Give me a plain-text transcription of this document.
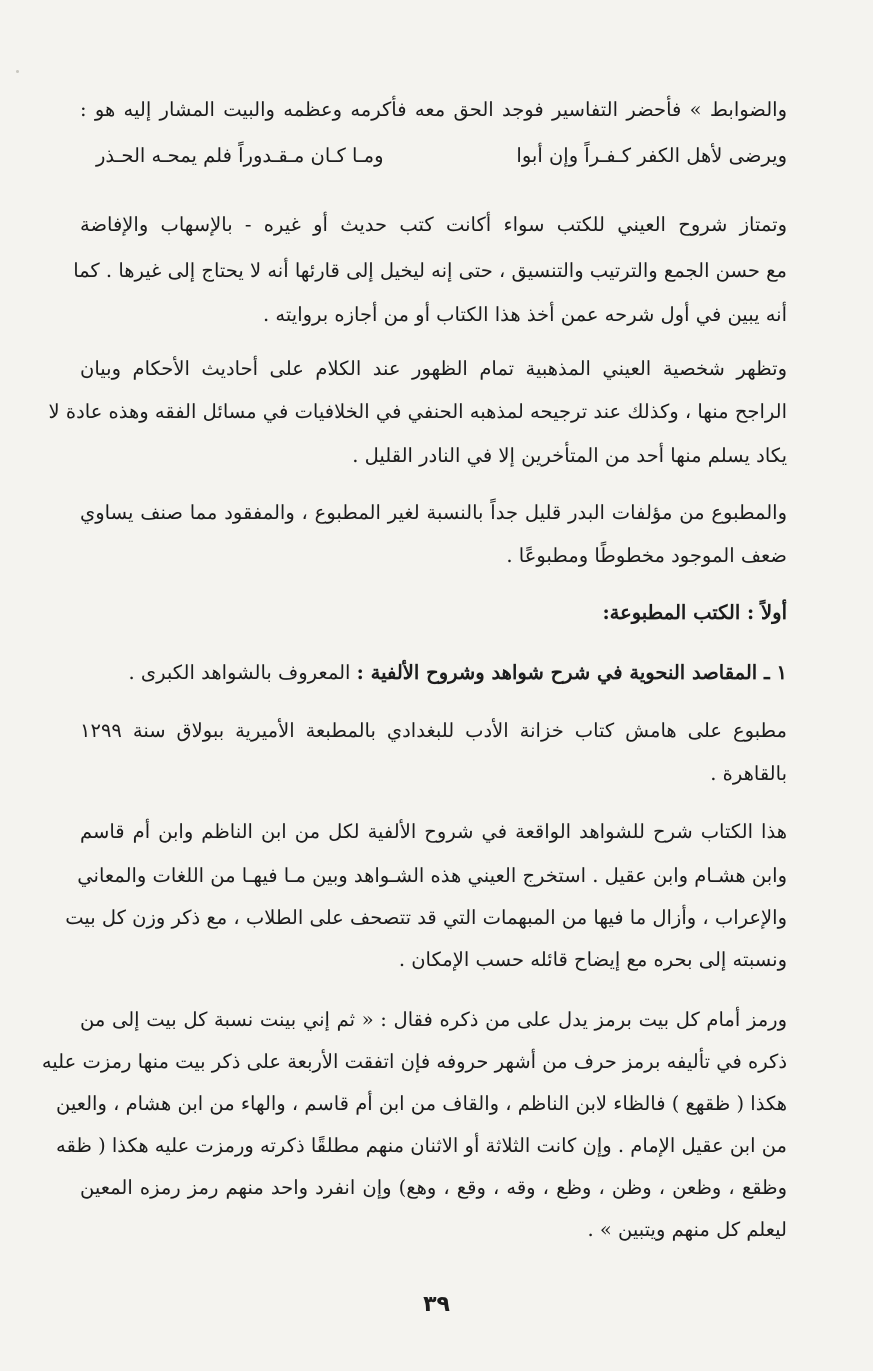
والضوابط » فأحضر التفاسير فوجد الحق معه فأكرمه وعظمه والبيت المشار إليه هو :
ويرضى لأهل الكفر كـفـراً وإن أبوا
ومـا كـان مـقـدوراً فلم يمحـه الحـذر
وتمتاز شروح العيني للكتب سواء أكانت كتب حديث أو غيره - بالإسهاب والإفاضة
مع حسن الجمع والترتيب والتنسيق ، حتى إنه ليخيل إلى قارئها أنه لا يحتاج إلى غيرها . كما
أنه يبين في أول شرحه عمن أخذ هذا الكتاب أو من أجازه بروايته .
وتظهر شخصية العيني المذهبية تمام الظهور عند الكلام على أحاديث الأحكام وبيان
الراجح منها ، وكذلك عند ترجيحه لمذهبه الحنفي في الخلافيات في مسائل الفقه وهذه عادة لا
يكاد يسلم منها أحد من المتأخرين إلا في النادر القليل .
والمطبوع من مؤلفات البدر قليل جداً بالنسبة لغير المطبوع ، والمفقود مما صنف يساوي
ضعف الموجود مخطوطًا ومطبوعًا .
أولاً : الكتب المطبوعة:
١ ـ المقاصد النحوية في شرح شواهد وشروح الألفية : المعروف بالشواهد الكبرى .
مطبوع على هامش كتاب خزانة الأدب للبغدادي بالمطبعة الأميرية ببولاق سنة ١٢٩٩
بالقاهرة .
هذا الكتاب شرح للشواهد الواقعة في شروح الألفية لكل من ابن الناظم وابن أم قاسم
وابن هشـام وابن عقيل . استخرج العيني هذه الشـواهد وبين مـا فيهـا من اللغات والمعاني
والإعراب ، وأزال ما فيها من المبهمات التي قد تتصحف على الطلاب ، مع ذكر وزن كل بيت
ونسبته إلى بحره مع إيضاح قائله حسب الإمكان .
ورمز أمام كل بيت برمز يدل على من ذكره فقال : « ثم إني بينت نسبة كل بيت إلى من
ذكره في تأليفه برمز حرف من أشهر حروفه فإن اتفقت الأربعة على ذكر بيت منها رمزت عليه
هكذا ( ظقهع ) فالظاء لابن الناظم ، والقاف من ابن أم قاسم ، والهاء من ابن هشام ، والعين
من ابن عقيل الإمام . وإن كانت الثلاثة أو الاثنان منهم مطلقًا ذكرته ورمزت عليه هكذا ( ظقه
وظقع ، وظعن ، وظن ، وظع ، وقه ، وقع ، وهع) وإن انفرد واحد منهم رمز رمزه المعين
ليعلم كل منهم ويتبين » .
٣٩
